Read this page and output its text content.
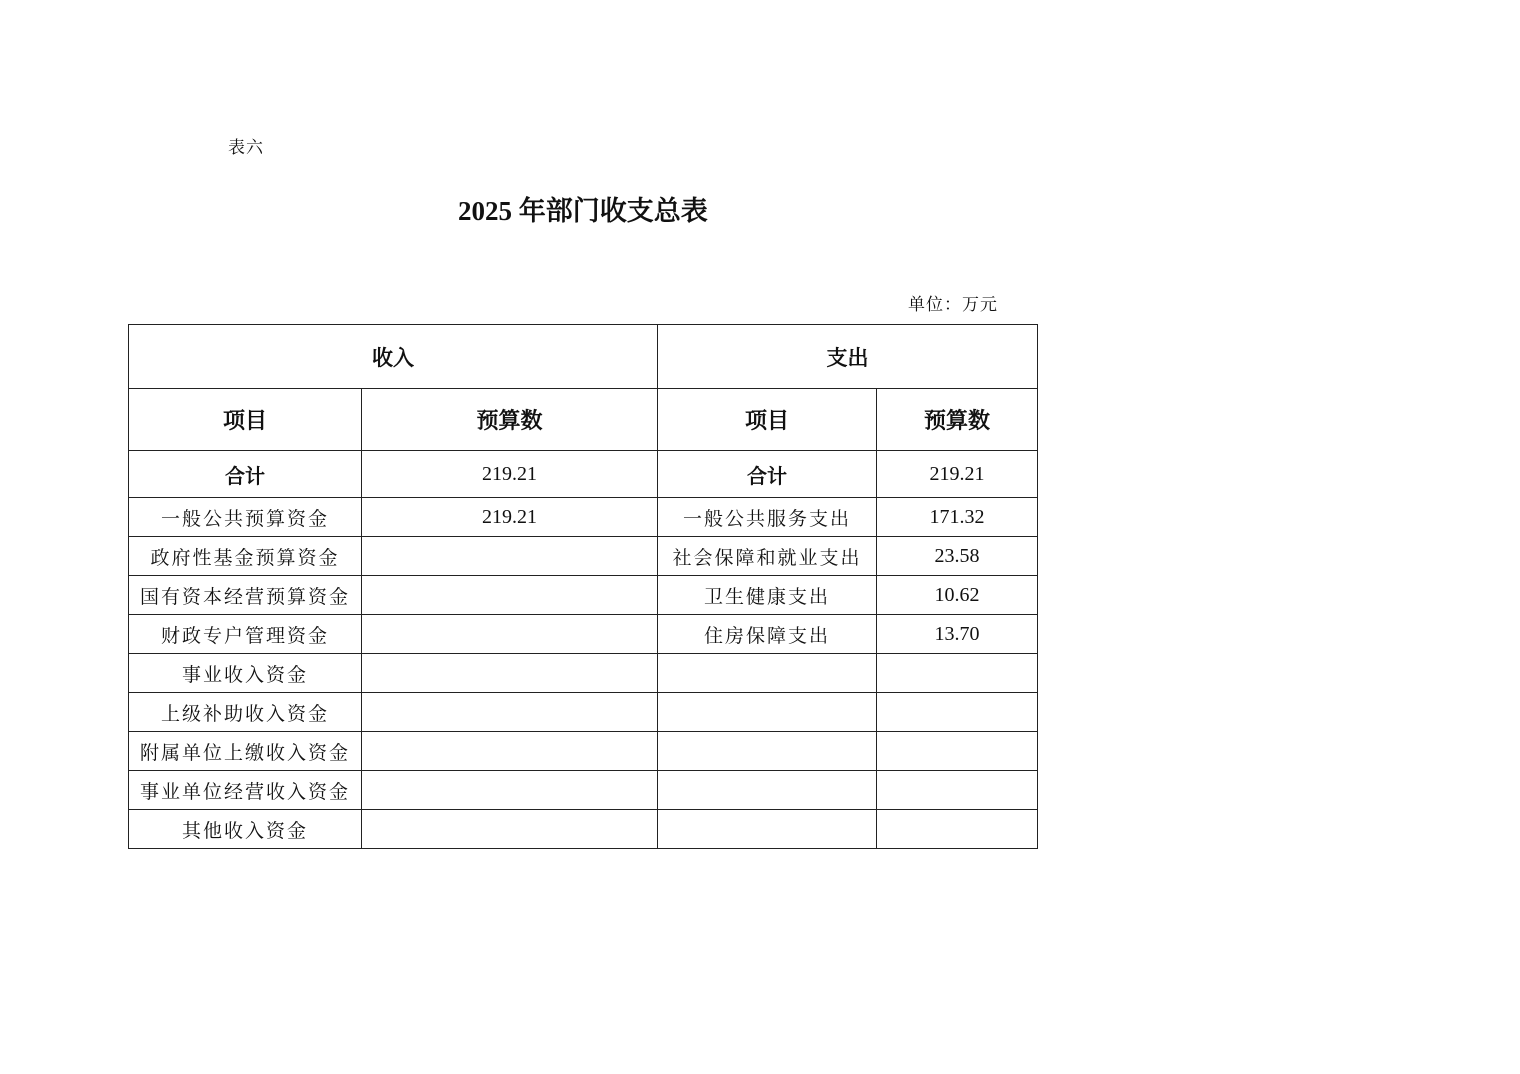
表六
2025 年部门收支总表
单位：万元
收入		支出	
项目	预算数	项目	预算数
合计	219.21	合计	219.21
一般公共预算资金	219.21	一般公共服务支出	171.32
政府性基金预算资金		社会保障和就业支出	23.58
国有资本经营预算资金		卫生健康支出	10.62
财政专户管理资金		住房保障支出	13.70
事业收入资金			
上级补助收入资金			
附属单位上缴收入资金			
事业单位经营收入资金			
其他收入资金			
